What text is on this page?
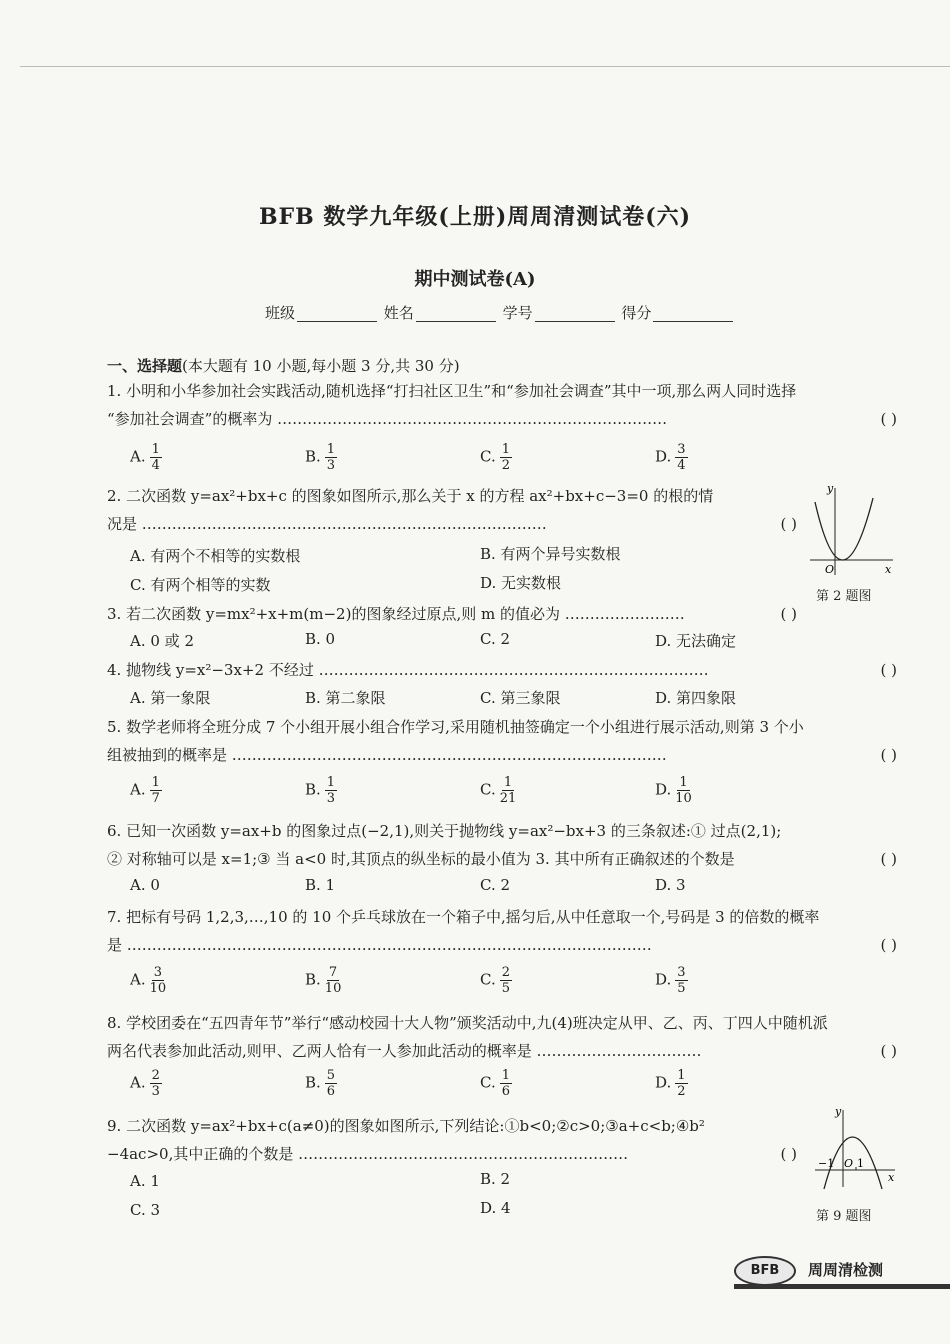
BFB 数学九年级(上册)周周清测试卷(六)
期中测试卷(A)
班级	姓名	学号	得分
一、选择题(本大题有 10 小题,每小题 3 分,共 30 分)
1. 小明和小华参加社会实践活动,随机选择“打扫社区卫生”和“参加社会调查”其中一项,那么两人同时选择
“参加社会调查”的概率为 ……………………………………………………………………	( )
A. $\frac{1}{4}$	B. $\frac{1}{3}$	C. $\frac{1}{2}$	D. $\frac{3}{4}$
2. 二次函数 y=ax²+bx+c 的图象如图所示,那么关于 x 的方程 ax²+bx+c−3=0 的根的情
况是 ………………………………………………………………………	( )
A. 有两个不相等的实数根	B. 有两个异号实数根
C. 有两个相等的实数	D. 无实数根
y
x
O
第 2 题图
3. 若二次函数 y=mx²+x+m(m−2)的图象经过原点,则 m 的值必为 ……………………	( )
A. 0 或 2	B. 0	C. 2	D. 无法确定
4. 抛物线 y=x²−3x+2 不经过 ……………………………………………………………………	( )
A. 第一象限	B. 第二象限	C. 第三象限	D. 第四象限
5. 数学老师将全班分成 7 个小组开展小组合作学习,采用随机抽签确定一个小组进行展示活动,则第 3 个小
组被抽到的概率是 ……………………………………………………………………………	( )
A. $\frac{1}{7}$	B. $\frac{1}{3}$	C. $\frac{1}{21}$	D. $\frac{1}{10}$
6. 已知一次函数 y=ax+b 的图象过点(−2,1),则关于抛物线 y=ax²−bx+3 的三条叙述:① 过点(2,1);
② 对称轴可以是 x=1;③ 当 a<0 时,其顶点的纵坐标的最小值为 3. 其中所有正确叙述的个数是	( )
A. 0	B. 1	C. 2	D. 3
7. 把标有号码 1,2,3,…,10 的 10 个乒乓球放在一个箱子中,摇匀后,从中任意取一个,号码是 3 的倍数的概率
是 ……………………………………………………………………………………………	( )
A. $\frac{3}{10}$	B. $\frac{7}{10}$	C. $\frac{2}{5}$	D. $\frac{3}{5}$
8. 学校团委在“五四青年节”举行“感动校园十大人物”颁奖活动中,九(4)班决定从甲、乙、丙、丁四人中随机派
两名代表参加此活动,则甲、乙两人恰有一人参加此活动的概率是 ……………………………	( )
A. $\frac{2}{3}$	B. $\frac{5}{6}$	C. $\frac{1}{6}$	D. $\frac{1}{2}$
9. 二次函数 y=ax²+bx+c(a≠0)的图象如图所示,下列结论:①b<0;②c>0;③a+c<b;④b²
−4ac>0,其中正确的个数是 …………………………………………………………	( )
A. 1	B. 2
C. 3	D. 4
y
x
−1 O 1
第 9 题图
BFB	周周清检测
